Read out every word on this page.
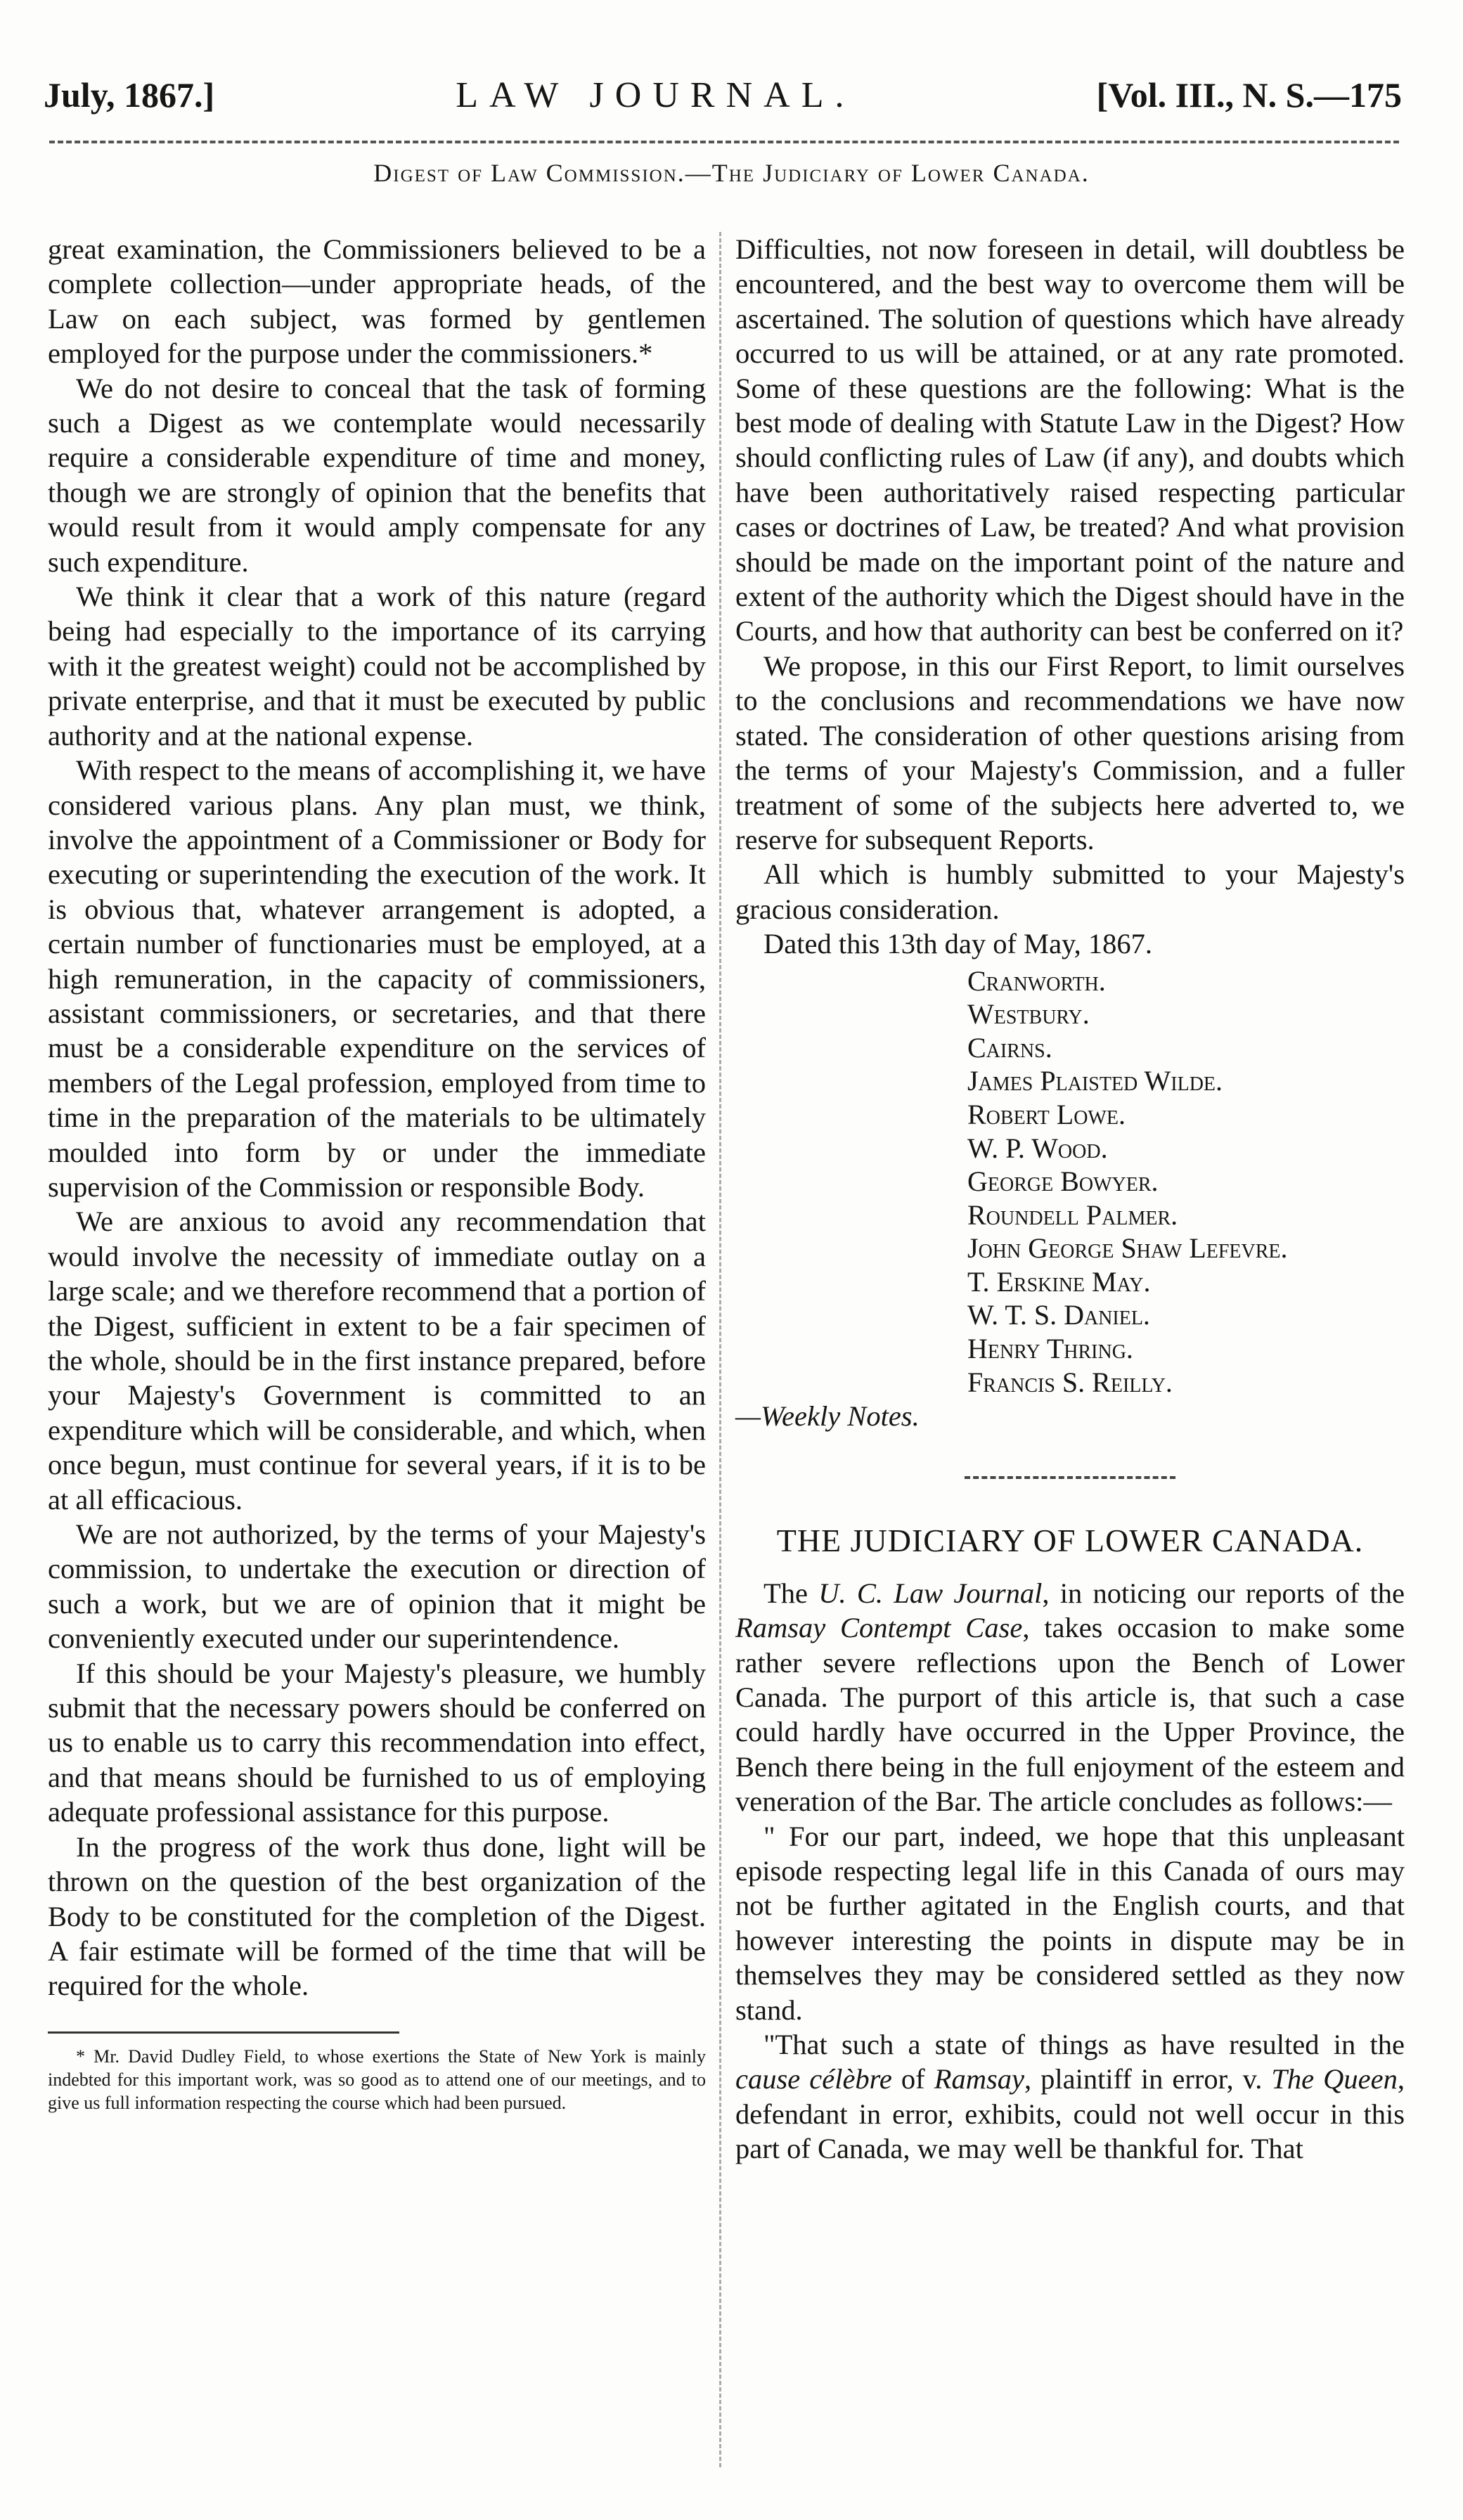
July, 1867.]	LAW JOURNAL.	[Vol. III., N. S.—175
Digest of Law Commission.—The Judiciary of Lower Canada.

great examination, the Commissioners believed to be a complete collection—under appropriate heads, of the Law on each subject, was formed by gentlemen employed for the purpose under the commissioners.*

We do not desire to conceal that the task of forming such a Digest as we contemplate would necessarily require a considerable expenditure of time and money, though we are strongly of opinion that the benefits that would result from it would amply compensate for any such expenditure.

We think it clear that a work of this nature (regard being had especially to the importance of its carrying with it the greatest weight) could not be accomplished by private enterprise, and that it must be executed by public authority and at the national expense.

With respect to the means of accomplishing it, we have considered various plans. Any plan must, we think, involve the appointment of a Commissioner or Body for executing or superintending the execution of the work. It is obvious that, whatever arrangement is adopted, a certain number of functionaries must be employed, at a high remuneration, in the capacity of commissioners, assistant commissioners, or secretaries, and that there must be a considerable expenditure on the services of members of the Legal profession, employed from time to time in the preparation of the materials to be ultimately moulded into form by or under the immediate supervision of the Commission or responsible Body.

We are anxious to avoid any recommendation that would involve the necessity of immediate outlay on a large scale; and we therefore recommend that a portion of the Digest, sufficient in extent to be a fair specimen of the whole, should be in the first instance prepared, before your Majesty's Government is committed to an expenditure which will be considerable, and which, when once begun, must continue for several years, if it is to be at all efficacious.

We are not authorized, by the terms of your Majesty's commission, to undertake the execution or direction of such a work, but we are of opinion that it might be conveniently executed under our superintendence.

If this should be your Majesty's pleasure, we humbly submit that the necessary powers should be conferred on us to enable us to carry this recommendation into effect, and that means should be furnished to us of employing adequate professional assistance for this purpose.

In the progress of the work thus done, light will be thrown on the question of the best organization of the Body to be constituted for the completion of the Digest. A fair estimate will be formed of the time that will be required for the whole.

* Mr. David Dudley Field, to whose exertions the State of New York is mainly indebted for this important work, was so good as to attend one of our meetings, and to give us full information respecting the course which had been pursued.

Difficulties, not now foreseen in detail, will doubtless be encountered, and the best way to overcome them will be ascertained. The solution of questions which have already occurred to us will be attained, or at any rate promoted. Some of these questions are the following: What is the best mode of dealing with Statute Law in the Digest? How should conflicting rules of Law (if any), and doubts which have been authoritatively raised respecting particular cases or doctrines of Law, be treated? And what provision should be made on the important point of the nature and extent of the authority which the Digest should have in the Courts, and how that authority can best be conferred on it?

We propose, in this our First Report, to limit ourselves to the conclusions and recommendations we have now stated. The consideration of other questions arising from the terms of your Majesty's Commission, and a fuller treatment of some of the subjects here adverted to, we reserve for subsequent Reports.

All which is humbly submitted to your Majesty's gracious consideration.

Dated this 13th day of May, 1867.

Cranworth.
Westbury.
Cairns.
James Plaisted Wilde.
Robert Lowe.
W. P. Wood.
George Bowyer.
Roundell Palmer.
John George Shaw Lefevre.
T. Erskine May.
W. T. S. Daniel.
Henry Thring.
Francis S. Reilly.

—Weekly Notes.

THE JUDICIARY OF LOWER CANADA.

The U. C. Law Journal, in noticing our reports of the Ramsay Contempt Case, takes occasion to make some rather severe reflections upon the Bench of Lower Canada. The purport of this article is, that such a case could hardly have occurred in the Upper Province, the Bench there being in the full enjoyment of the esteem and veneration of the Bar. The article concludes as follows:—

" For our part, indeed, we hope that this unpleasant episode respecting legal life in this Canada of ours may not be further agitated in the English courts, and that however interesting the points in dispute may be in themselves they may be considered settled as they now stand.

"That such a state of things as have resulted in the cause célèbre of Ramsay, plaintiff in error, v. The Queen, defendant in error, exhibits, could not well occur in this part of Canada, we may well be thankful for. That
